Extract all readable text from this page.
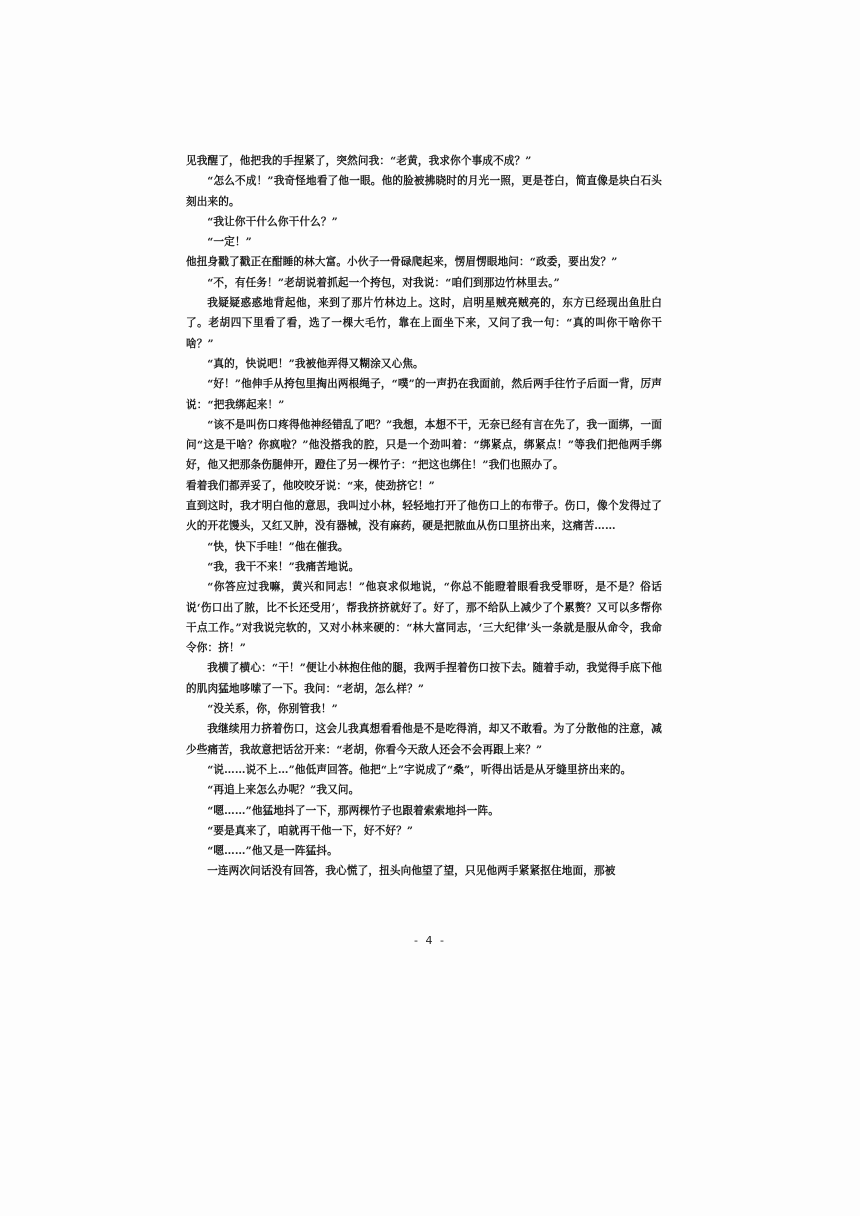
见我醒了，他把我的手捏紧了，突然问我：“老黄，我求你个事成不成？”

“怎么不成！”我奇怪地看了他一眼。他的脸被拂晓时的月光一照，更是苍白，简直像是块白石头刻出来的。

“我让你干什么你干什么？”

“一定！”

他扭身戳了戳正在酣睡的林大富。小伙子一骨碌爬起来，愣眉愣眼地问：“政委，要出发？”

“不，有任务！”老胡说着抓起一个挎包，对我说：“咱们到那边竹林里去。”

我疑疑惑惑地背起他，来到了那片竹林边上。这时，启明星贼亮贼亮的，东方已经现出鱼肚白了。老胡四下里看了看，选了一棵大毛竹，靠在上面坐下来，又问了我一句：“真的叫你干啥你干啥？”

“真的，快说吧！”我被他弄得又糊涂又心焦。

“好！”他伸手从挎包里掏出两根绳子，“噗”的一声扔在我面前，然后两手往竹子后面一背，厉声说：“把我绑起来！”

“该不是叫伤口疼得他神经错乱了吧？”我想，本想不干，无奈已经有言在先了，我一面绑，一面问“这是干啥？你疯啦？”他没搭我的腔，只是一个劲叫着：“绑紧点，绑紧点！”等我们把他两手绑好，他又把那条伤腿伸开，蹬住了另一棵竹子：“把这也绑住！”我们也照办了。

看着我们都弄妥了，他咬咬牙说：“来，使劲挤它！”

直到这时，我才明白他的意思，我叫过小林，轻轻地打开了他伤口上的布带子。伤口，像个发得过了火的开花馒头，又红又肿，没有器械，没有麻药，硬是把脓血从伤口里挤出来，这痛苦……

“快，快下手哇！”他在催我。

“我，我干不来！”我痛苦地说。

“你答应过我嘛，黄兴和同志！”他哀求似地说，“你总不能瞪着眼看我受罪呀，是不是？俗话说‘伤口出了脓，比不长还受用’，帮我挤挤就好了。好了，那不给队上减少了个累赘？又可以多帮你干点工作。”对我说完软的，又对小林来硬的：“林大富同志，‘三大纪律’头一条就是服从命令，我命令你：挤！”

我横了横心：“干！”便让小林抱住他的腿，我两手捏着伤口按下去。随着手动，我觉得手底下他的肌肉猛地哆嗦了一下。我问：“老胡，怎么样？”

“没关系，你，你别管我！”

我继续用力挤着伤口，这会儿我真想看看他是不是吃得消，却又不敢看。为了分散他的注意，减少些痛苦，我故意把话岔开来：“老胡，你看今天敌人还会不会再跟上来？”

“说……说不上…”他低声回答。他把“上”字说成了“桑”，听得出话是从牙缝里挤出来的。

“再追上来怎么办呢？”我又问。

“嗯……”他猛地抖了一下，那两棵竹子也跟着索索地抖一阵。

“要是真来了，咱就再干他一下，好不好？”

“嗯……”他又是一阵猛抖。

一连两次问话没有回答，我心慌了，扭头向他望了望，只见他两手紧紧抠住地面，那被

- 4 -
